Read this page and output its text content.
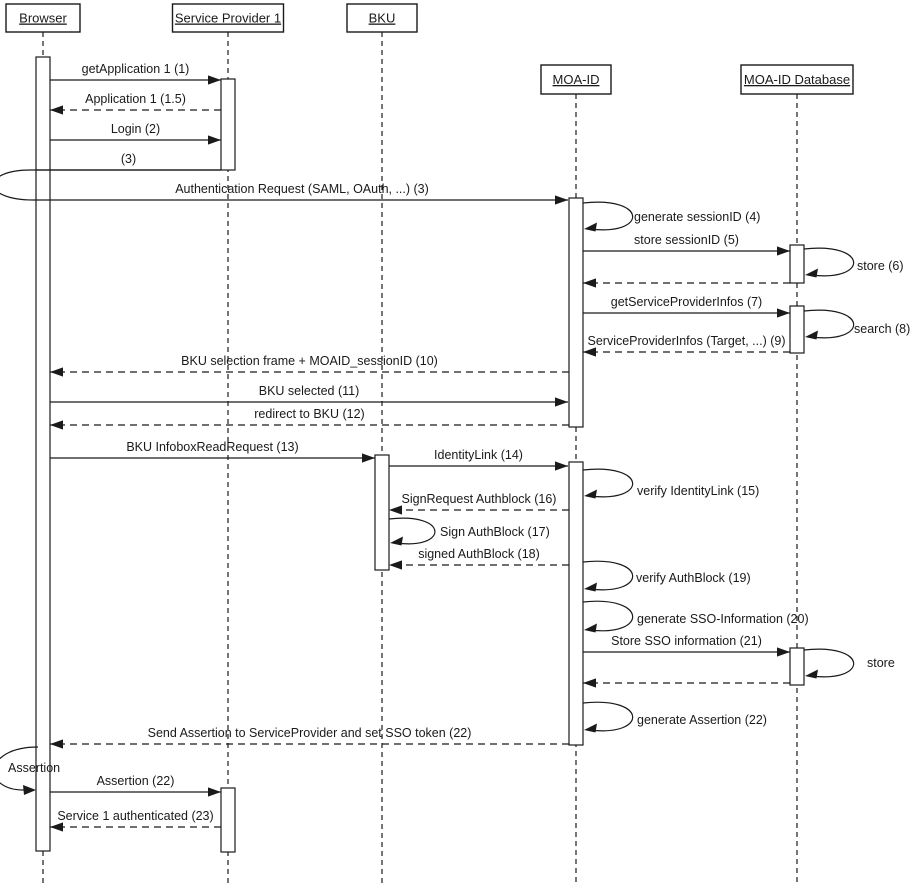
Assertion
getApplication 1 (1)
Application 1 (1.5)
Login (2)
(3)
Authentication Request (SAML, OAuth, ...) (3)
store sessionID (5)
getServiceProviderInfos (7)
ServiceProviderInfos (Target, ...) (9)
BKU selection frame + MOAID_sessionID (10)
BKU selected (11)
redirect to BKU (12)
BKU InfoboxReadRequest (13)
IdentityLink (14)
SignRequest Authblock (16)
signed AuthBlock (18)
Store SSO information (21)
Send Assertion to ServiceProvider and set SSO token (22)
Assertion (22)
Service 1 authenticated (23)
generate sessionID (4)
store (6)
search (8)
verify IdentityLink (15)
Sign AuthBlock (17)
verify AuthBlock (19)
generate SSO-Information (20)
store
generate Assertion (22)
Browser	Service Provider 1	BKU
MOA-ID	MOA-ID Database
